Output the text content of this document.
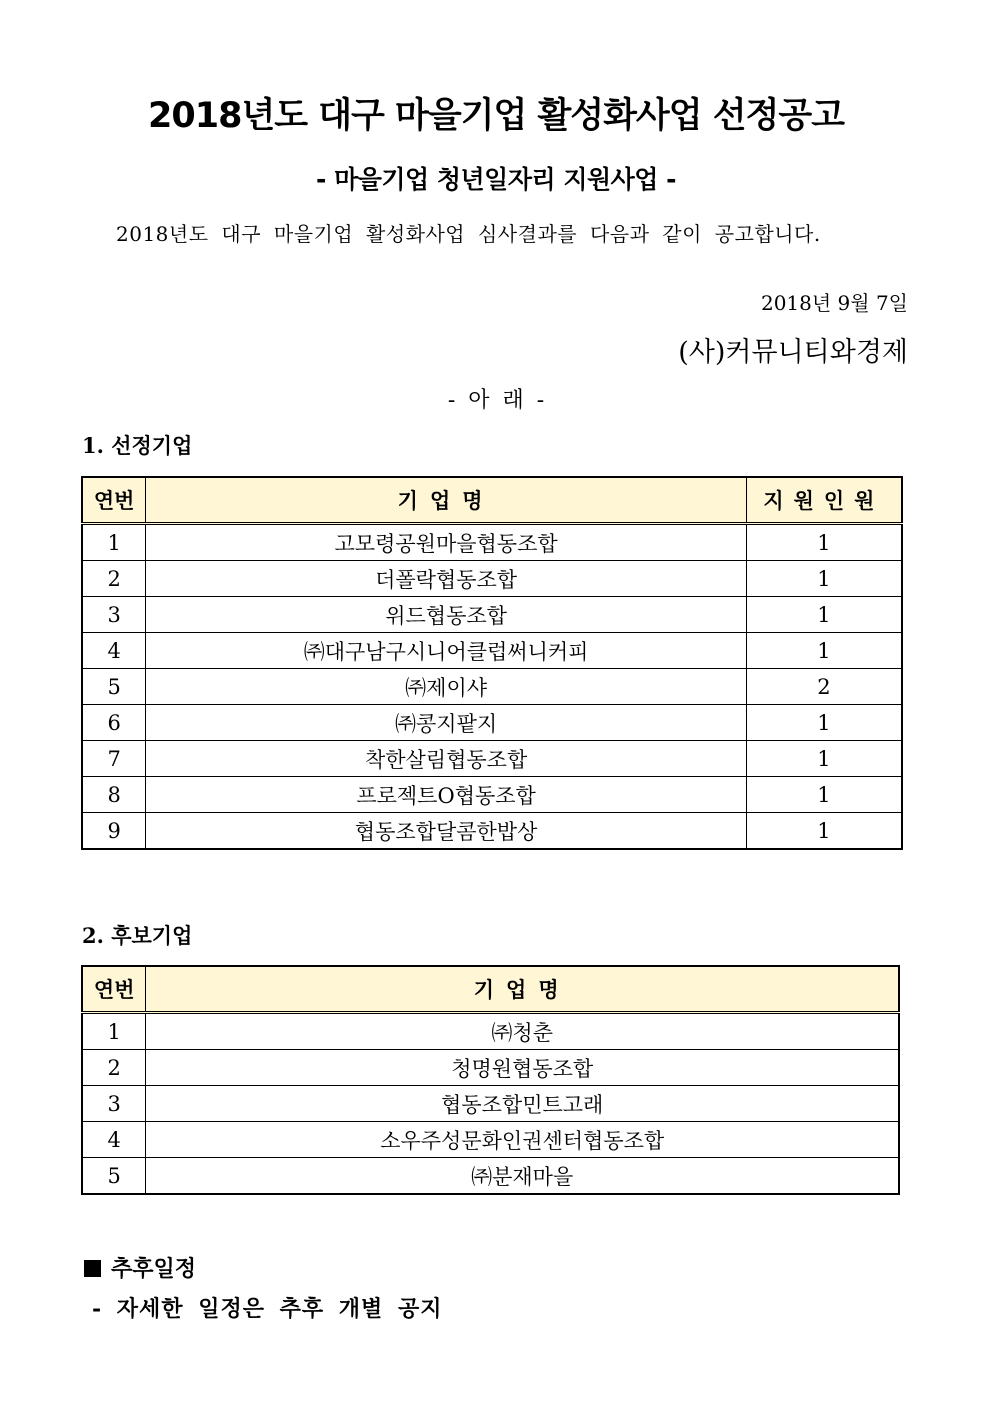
2018년도 대구 마을기업 활성화사업 선정공고
- 마을기업 청년일자리 지원사업 -
2018년도 대구 마을기업 활성화사업 심사결과를 다음과 같이 공고합니다.
2018년 9월 7일
(사)커뮤니티와경제
- 아 래 -
1. 선정기업
연번	기업명	지원인원
1	고모령공원마을협동조합	1
2	더폴락협동조합	1
3	위드협동조합	1
4	㈜대구남구시니어클럽써니커피	1
5	㈜제이샤	2
6	㈜콩지팥지	1
7	착한살림협동조합	1
8	프로젝트O협동조합	1
9	협동조합달콤한밥상	1
2. 후보기업
연번	기업명
1	㈜청춘
2	청명원협동조합
3	협동조합민트고래
4	소우주성문화인권센터협동조합
5	㈜분재마을
추후일정
- 자세한 일정은 추후 개별 공지
